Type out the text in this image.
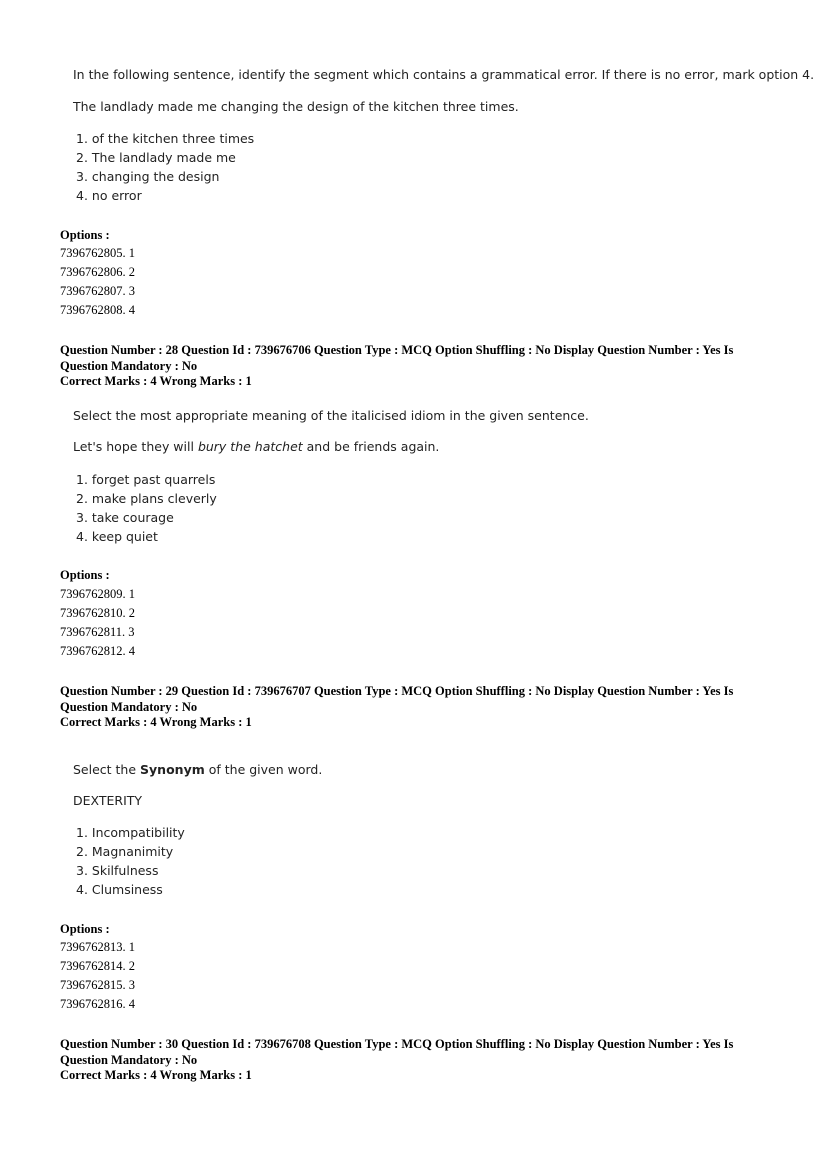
In the following sentence, identify the segment which contains a grammatical error. If there is no error, mark option 4.

The landlady made me changing the design of the kitchen three times.

1. of the kitchen three times
2. The landlady made me
3. changing the design
4. no error
Options :
7396762805. 1
7396762806. 2
7396762807. 3
7396762808. 4
Question Number : 28 Question Id : 739676706 Question Type : MCQ Option Shuffling : No Display Question Number : Yes Is
Question Mandatory : No
Correct Marks : 4 Wrong Marks : 1

Select the most appropriate meaning of the italicised idiom in the given sentence.

Let's hope they will bury the hatchet and be friends again.

1. forget past quarrels
2. make plans cleverly
3. take courage
4. keep quiet
Options :
7396762809. 1
7396762810. 2
7396762811. 3
7396762812. 4
Question Number : 29 Question Id : 739676707 Question Type : MCQ Option Shuffling : No Display Question Number : Yes Is
Question Mandatory : No
Correct Marks : 4 Wrong Marks : 1

Select the Synonym of the given word.

DEXTERITY

1. Incompatibility
2. Magnanimity
3. Skilfulness
4. Clumsiness
Options :
7396762813. 1
7396762814. 2
7396762815. 3
7396762816. 4
Question Number : 30 Question Id : 739676708 Question Type : MCQ Option Shuffling : No Display Question Number : Yes Is
Question Mandatory : No
Correct Marks : 4 Wrong Marks : 1
